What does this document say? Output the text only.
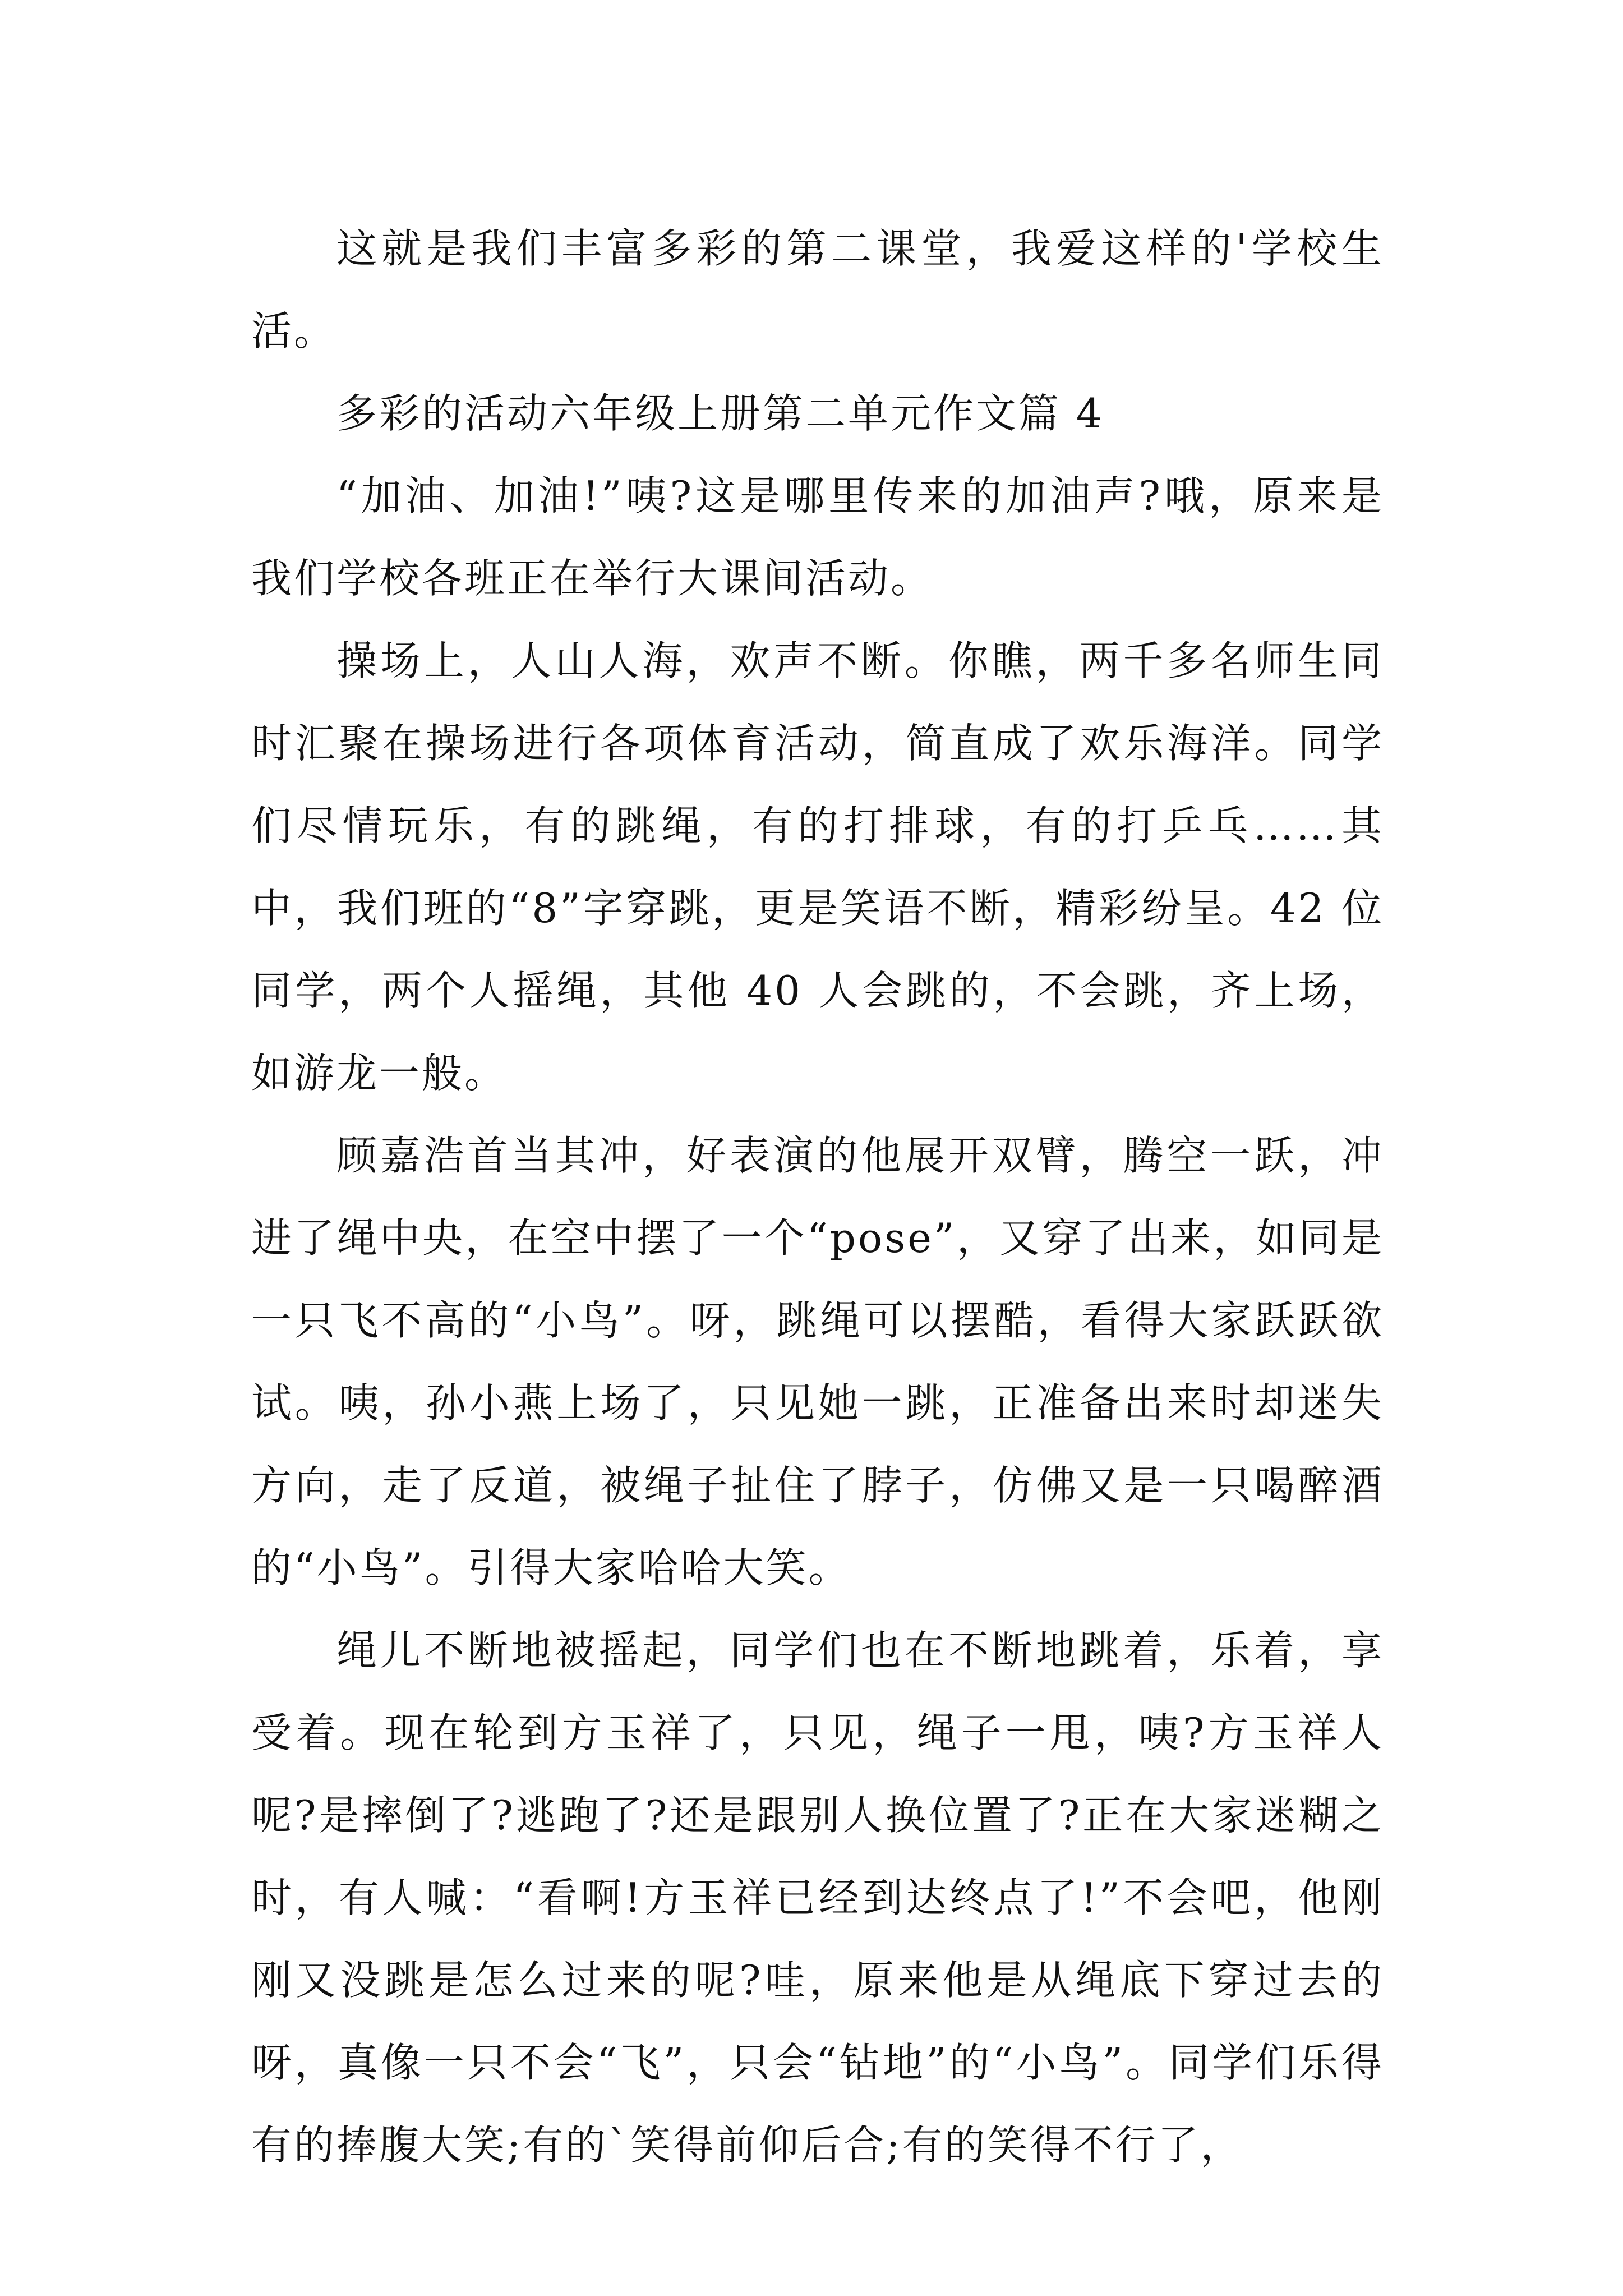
这就是我们丰富多彩的第二课堂，我爱这样的'学校生活。

多彩的活动六年级上册第二单元作文篇 4

“加油、加油!”咦?这是哪里传来的加油声?哦，原来是我们学校各班正在举行大课间活动。

操场上，人山人海，欢声不断。你瞧，两千多名师生同时汇聚在操场进行各项体育活动，简直成了欢乐海洋。同学们尽情玩乐，有的跳绳，有的打排球，有的打乒乓……其中，我们班的“8”字穿跳，更是笑语不断，精彩纷呈。42 位同学，两个人摇绳，其他 40 人会跳的，不会跳，齐上场，如游龙一般。

顾嘉浩首当其冲，好表演的他展开双臂，腾空一跃，冲进了绳中央，在空中摆了一个“pose”，又穿了出来，如同是一只飞不高的“小鸟”。呀，跳绳可以摆酷，看得大家跃跃欲试。咦，孙小燕上场了，只见她一跳，正准备出来时却迷失方向，走了反道，被绳子扯住了脖子，仿佛又是一只喝醉酒的“小鸟”。引得大家哈哈大笑。

绳儿不断地被摇起，同学们也在不断地跳着，乐着，享受着。现在轮到方玉祥了，只见，绳子一甩，咦?方玉祥人呢?是摔倒了?逃跑了?还是跟别人换位置了?正在大家迷糊之时，有人喊：“看啊!方玉祥已经到达终点了!”不会吧，他刚刚又没跳是怎么过来的呢?哇，原来他是从绳底下穿过去的呀，真像一只不会“飞”，只会“钻地”的“小鸟”。同学们乐得有的捧腹大笑;有的`笑得前仰后合;有的笑得不行了，
